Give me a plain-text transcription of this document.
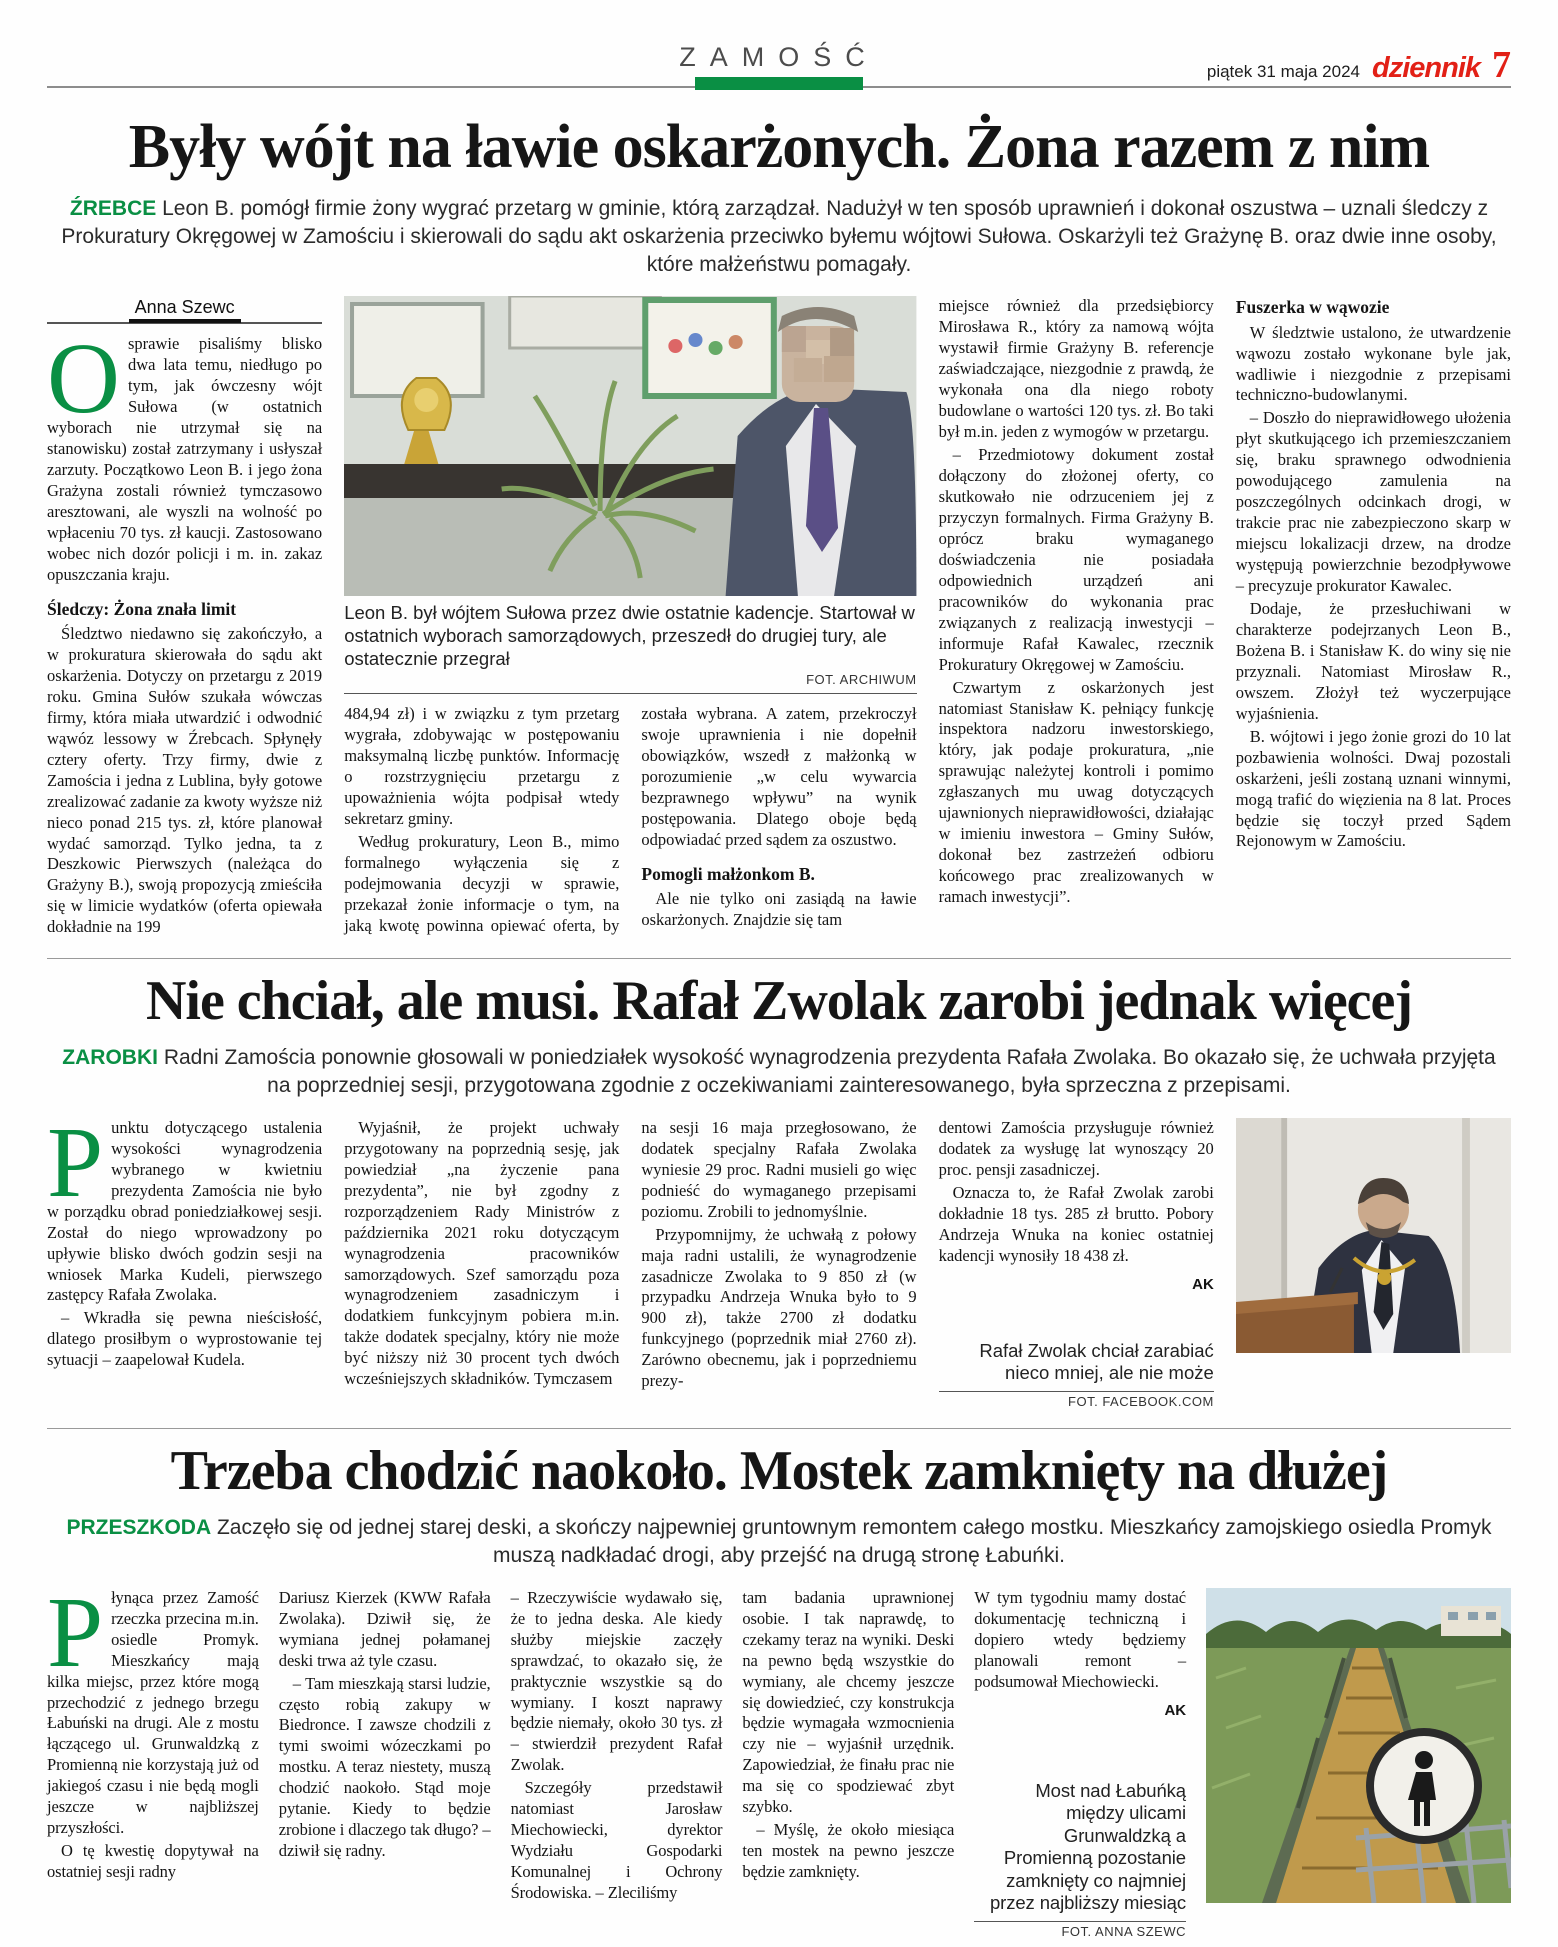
ZAMOŚĆ	piątek 31 maja 2024 dziennik 7
Były wójt na ławie oskarżonych. Żona razem z nim

ŹREBCE Leon B. pomógł firmie żony wygrać przetarg w gminie, którą zarządzał. Nadużył w ten sposób uprawnień i dokonał oszustwa – uznali śledczy z Prokuratury Okręgowej w Zamościu i skierowali do sądu akt oskarżenia przeciwko byłemu wójtowi Sułowa. Oskarżyli też Grażynę B. oraz dwie inne osoby, które małżeństwu pomagały.

Anna Szewc

Osprawie pisaliśmy blisko dwa lata temu, niedługo po tym, jak ówczesny wójt Sułowa (w ostatnich wyborach nie utrzymał się na stanowisku) został zatrzymany i usłyszał zarzuty. Początkowo Leon B. i jego żona Grażyna zostali również tymczasowo aresztowani, ale wyszli na wolność po wpłaceniu 70 tys. zł kaucji. Zastosowano wobec nich dozór policji i m. in. zakaz opuszczania kraju.

Śledczy: Żona znała limit

Śledztwo niedawno się zakończyło, a w prokuratura skierowała do sądu akt oskarżenia. Dotyczy on przetargu z 2019 roku. Gmina Sułów szukała wówczas firmy, która miała utwardzić i odwodnić wąwóz lessowy w Źrebcach. Spłynęły cztery oferty. Trzy firmy, dwie z Zamościa i jedna z Lublina, były gotowe zrealizować zadanie za kwoty wyższe niż nieco ponad 215 tys. zł, które planował wydać samorząd. Tylko jedna, ta z Deszkowic Pierwszych (należąca do Grażyny B.), swoją propozycją zmieściła się w limicie wydatków (oferta opiewała dokładnie na 199

Leon B. był wójtem Sułowa przez dwie ostatnie kadencje. Startował w ostatnich wyborach samorządowych, przeszedł do drugiej tury, ale ostatecznie przegrał
FOT. ARCHIWUM

484,94 zł) i w związku z tym przetarg wygrała, zdobywając w postępowaniu maksymalną liczbę punktów. Informację o rozstrzygnięciu przetargu z upoważnienia wójta podpisał wtedy sekretarz gminy.

Według prokuratury, Leon B., mimo formalnego wyłączenia się z podejmowania decyzji w sprawie, przekazał żonie informacje o tym, na jaką kwotę powinna opiewać oferta, by została wybrana. A zatem, przekroczył swoje uprawnienia i nie dopełnił obowiązków, wszedł z małżonką w porozumienie „w celu wywarcia bezprawnego wpływu” na wynik postępowania. Dlatego oboje będą odpowiadać przed sądem za oszustwo.

Pomogli małżonkom B.

Ale nie tylko oni zasiądą na ławie oskarżonych. Znajdzie się tam

miejsce również dla przedsiębiorcy Mirosława R., który za namową wójta wystawił firmie Grażyny B. referencje zaświadczające, niezgodnie z prawdą, że wykonała ona dla niego roboty budowlane o wartości 120 tys. zł. Bo taki był m.in. jeden z wymogów w przetargu.

– Przedmiotowy dokument został dołączony do złożonej oferty, co skutkowało nie odrzuceniem jej z przyczyn formalnych. Firma Grażyny B. oprócz braku wymaganego doświadczenia nie posiadała odpowiednich urządzeń ani pracowników do wykonania prac związanych z realizacją inwestycji – informuje Rafał Kawalec, rzecznik Prokuratury Okręgowej w Zamościu.

Czwartym z oskarżonych jest natomiast Stanisław K. pełniący funkcję inspektora nadzoru inwestorskiego, który, jak podaje prokuratura, „nie sprawując należytej kontroli i pomimo zgłaszanych mu uwag dotyczących ujawnionych nieprawidłowości, działając w imieniu inwestora – Gminy Sułów, dokonał bez zastrzeżeń odbioru końcowego prac zrealizowanych w ramach inwestycji”.

Fuszerka w wąwozie

W śledztwie ustalono, że utwardzenie wąwozu zostało wykonane byle jak, wadliwie i niezgodnie z przepisami techniczno-budowlanymi.

– Doszło do nieprawidłowego ułożenia płyt skutkującego ich przemieszczaniem się, braku sprawnego odwodnienia powodującego zamulenia na poszczególnych odcinkach drogi, w trakcie prac nie zabezpieczono skarp w miejscu lokalizacji drzew, na drodze występują powierzchnie bezodpływowe – precyzuje prokurator Kawalec.

Dodaje, że przesłuchiwani w charakterze podejrzanych Leon B., Bożena B. i Stanisław K. do winy się nie przyznali. Natomiast Mirosław R., owszem. Złożył też wyczerpujące wyjaśnienia.

B. wójtowi i jego żonie grozi do 10 lat pozbawienia wolności. Dwaj pozostali oskarżeni, jeśli zostaną uznani winnymi, mogą trafić do więzienia na 8 lat. Proces będzie się toczył przed Sądem Rejonowym w Zamościu.

Nie chciał, ale musi. Rafał Zwolak zarobi jednak więcej

ZAROBKI Radni Zamościa ponownie głosowali w poniedziałek wysokość wynagrodzenia prezydenta Rafała Zwolaka. Bo okazało się, że uchwała przyjęta na poprzedniej sesji, przygotowana zgodnie z oczekiwaniami zainteresowanego, była sprzeczna z przepisami.

Punktu dotyczącego ustalenia wysokości wynagrodzenia wybranego w kwietniu prezydenta Zamościa nie było w porządku obrad poniedziałkowej sesji. Został do niego wprowadzony po upływie blisko dwóch godzin sesji na wniosek Marka Kudeli, pierwszego zastępcy Rafała Zwolaka.

– Wkradła się pewna nieścisłość, dlatego prosiłbym o wyprostowanie tej sytuacji – zaapelował Kudela.

Wyjaśnił, że projekt uchwały przygotowany na poprzednią sesję, jak powiedział „na życzenie pana prezydenta”, nie był zgodny z rozporządzeniem Rady Ministrów z października 2021 roku dotyczącym wynagrodzenia pracowników samorządowych. Szef samorządu poza wynagrodzeniem zasadniczym i dodatkiem funkcyjnym pobiera m.in. także dodatek specjalny, który nie może być niższy niż 30 procent tych dwóch wcześniejszych składników. Tymczasem

na sesji 16 maja przegłosowano, że dodatek specjalny Rafała Zwolaka wyniesie 29 proc. Radni musieli go więc podnieść do wymaganego przepisami poziomu. Zrobili to jednomyślnie.

Przypomnijmy, że uchwałą z połowy maja radni ustalili, że wynagrodzenie zasadnicze Zwolaka to 9 850 zł (w przypadku Andrzeja Wnuka było to 9 900 zł), także 2700 zł dodatku funkcyjnego (poprzednik miał 2760 zł). Zarówno obecnemu, jak i poprzedniemu prezy-

dentowi Zamościa przysługuje również dodatek za wysługę lat wynoszący 20 proc. pensji zasadniczej.

Oznacza to, że Rafał Zwolak zarobi dokładnie 18 tys. 285 zł brutto. Pobory Andrzeja Wnuka na koniec ostatniej kadencji wynosiły 18 438 zł.

AK
Rafał Zwolak chciał zarabiać nieco mniej, ale nie może
FOT. FACEBOOK.COM
Trzeba chodzić naokoło. Mostek zamknięty na dłużej

PRZESZKODA Zaczęło się od jednej starej deski, a skończy najpewniej gruntownym remontem całego mostku. Mieszkańcy zamojskiego osiedla Promyk muszą nadkładać drogi, aby przejść na drugą stronę Łabuńki.

Płynąca przez Zamość rzeczka przecina m.in. osiedle Promyk. Mieszkańcy mają kilka miejsc, przez które mogą przechodzić z jednego brzegu Łabuński na drugi. Ale z mostu łączącego ul. Grunwaldzką z Promienną nie korzystają już od jakiegoś czasu i nie będą mogli jeszcze w najbliższej przyszłości.

O tę kwestię dopytywał na ostatniej sesji radny

Dariusz Kierzek (KWW Rafała Zwolaka). Dziwił się, że wymiana jednej połamanej deski trwa aż tyle czasu.

– Tam mieszkają starsi ludzie, często robią zakupy w Biedronce. I zawsze chodzili z tymi swoimi wózeczkami po mostku. A teraz niestety, muszą chodzić naokoło. Stąd moje pytanie. Kiedy to będzie zrobione i dlaczego tak długo? – dziwił się radny.

– Rzeczywiście wydawało się, że to jedna deska. Ale kiedy służby miejskie zaczęły sprawdzać, to okazało się, że praktycznie wszystkie są do wymiany. I koszt naprawy będzie niemały, około 30 tys. zł – stwierdził prezydent Rafał Zwolak.

Szczegóły przedstawił natomiast Jarosław Miechowiecki, dyrektor Wydziału Gospodarki Komunalnej i Ochrony Środowiska. – Zleciliśmy

tam badania uprawnionej osobie. I tak naprawdę, to czekamy teraz na wyniki. Deski na pewno będą wszystkie do wymiany, ale chcemy jeszcze się dowiedzieć, czy konstrukcja będzie wymagała wzmocnienia czy nie – wyjaśnił urzędnik. Zapowiedział, że finału prac nie ma się co spodziewać zbyt szybko.

– Myślę, że około miesiąca ten mostek na pewno jeszcze będzie zamknięty.

W tym tygodniu mamy dostać dokumentację techniczną i dopiero wtedy będziemy planowali remont – podsumował Miechowiecki.

AK
Most nad Łabuńką między ulicami Grunwaldzką a Promienną pozostanie zamknięty co najmniej przez najbliższy miesiąc
FOT. ANNA SZEWC
